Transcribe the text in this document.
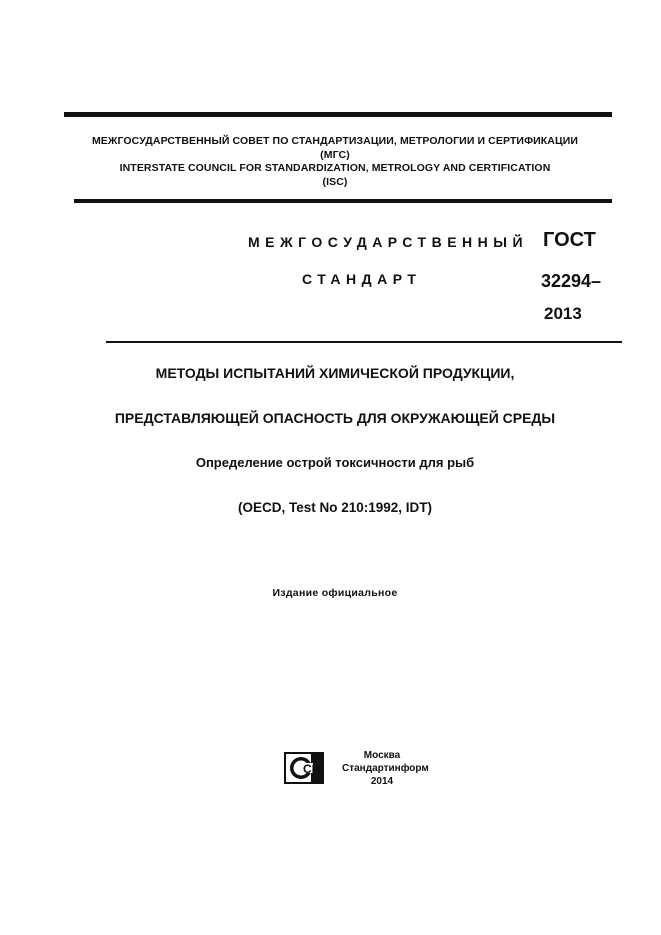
МЕЖГОСУДАРСТВЕННЫЙ СОВЕТ ПО СТАНДАРТИЗАЦИИ, МЕТРОЛОГИИ И СЕРТИФИКАЦИИ
(МГС)
INTERSTATE COUNCIL FOR STANDARDIZATION, METROLOGY AND CERTIFICATION
(ISC)
МЕЖГОСУДАРСТВЕННЫЙ
СТАНДАРТ
ГОСТ
32294–
2013
МЕТОДЫ ИСПЫТАНИЙ ХИМИЧЕСКОЙ ПРОДУКЦИИ,
ПРЕДСТАВЛЯЮЩЕЙ ОПАСНОСТЬ ДЛЯ ОКРУЖАЮЩЕЙ СРЕДЫ
Определение острой токсичности для рыб
(OECD, Test No 210:1992, IDT)
Издание официальное
СИ
Москва
Стандартинформ
2014
